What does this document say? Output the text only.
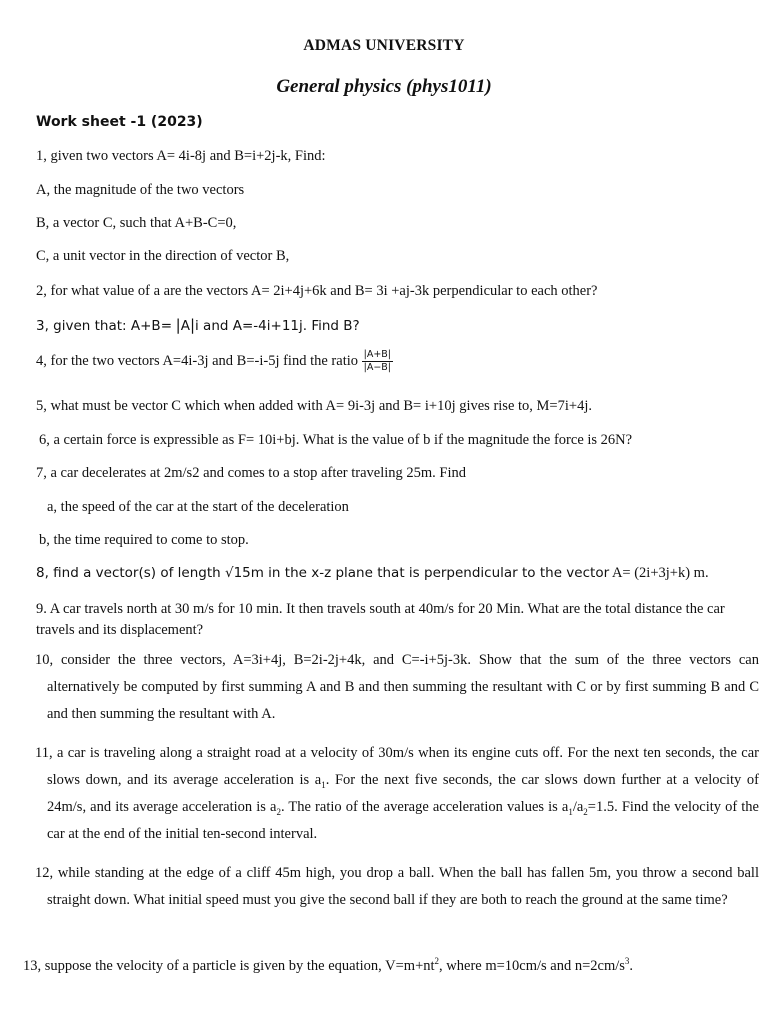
ADMAS UNIVERSITY
General physics (phys1011)
Work sheet -1 (2023)
1, given two vectors A= 4i-8j and B=i+2j-k, Find:
A, the magnitude of the two vectors
B, a vector C, such that A+B-C=0,
C, a unit vector in the direction of vector B,
2, for what value of a are the vectors A= 2i+4j+6k and B= 3i +aj-3k perpendicular to each other?
3, given that: A+B= |A|i and A=-4i+11j. Find B?
4, for the two vectors A=4i-3j and B=-i-5j find the ratio $\frac{|A+B|}{|A-B|}$
5, what must be vector C which when added with A= 9i-3j and B= i+10j gives rise to, M=7i+4j.
6, a certain force is expressible as F= 10i+bj. What is the value of b if the magnitude the force is 26N?
7, a car decelerates at 2m/s2 and comes to a stop after traveling 25m. Find
a, the speed of the car at the start of the deceleration
b, the time required to come to stop.
8, find a vector(s) of length √15m in the x-z plane that is perpendicular to the vector A= (2i+3j+k) m.
9. A car travels north at 30 m/s for 10 min. It then travels south at 40m/s for 20 Min. What are the total distance the car travels and its displacement?
10, consider the three vectors, A=3i+4j, B=2i-2j+4k, and C=-i+5j-3k. Show that the sum of the three vectors can alternatively be computed by first summing A and B and then summing the resultant with C or by first summing B and C and then summing the resultant with A.
11, a car is traveling along a straight road at a velocity of 30m/s when its engine cuts off. For the next ten seconds, the car slows down, and its average acceleration is $a_1$. For the next five seconds, the car slows down further at a velocity of 24m/s, and its average acceleration is $a_2$. The ratio of the average acceleration values is $a_1/a_2=1.5$. Find the velocity of the car at the end of the initial ten-second interval.
12, while standing at the edge of a cliff 45m high, you drop a ball. When the ball has fallen 5m, you throw a second ball straight down. What initial speed must you give the second ball if they are both to reach the ground at the same time?
13, suppose the velocity of a particle is given by the equation, $V=m+nt^2$, where m=10cm/s and $n=2cm/s^3$.
